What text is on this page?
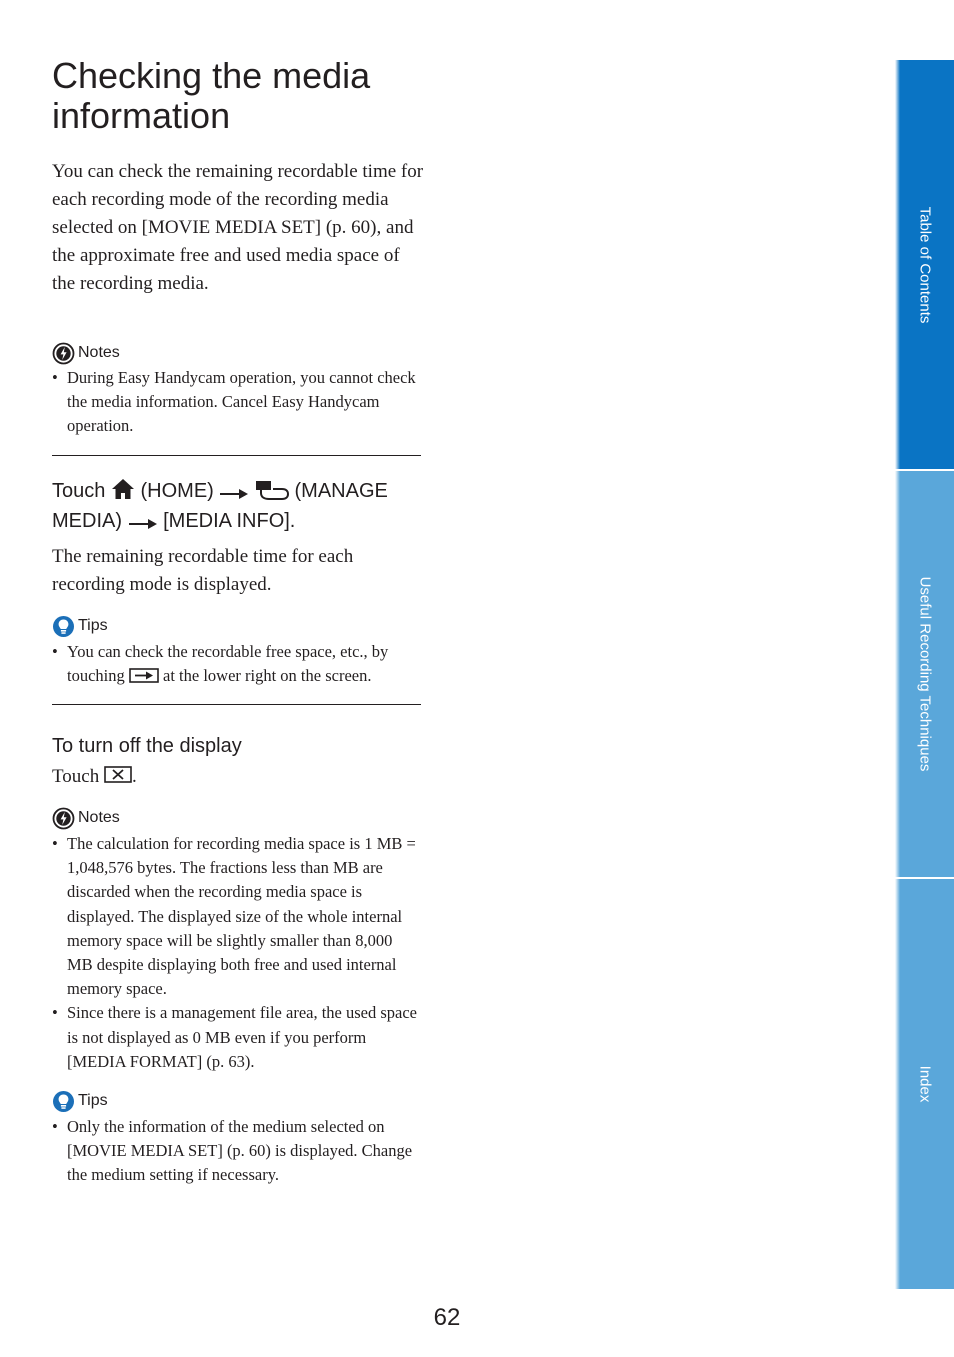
Checking the media information

You can check the remaining recordable time for each recording mode of the recording media selected on [MOVIE MEDIA SET] (p. 60), and the approximate free and used media space of the recording media.

Notes
• During Easy Handycam operation, you cannot check the media information. Cancel Easy Handycam operation.

Touch (HOME)	(MANAGE MEDIA) [MEDIA INFO].

The remaining recordable time for each recording mode is displayed.

Tips
• You can check the recordable free space, etc., by touching at the lower right on the screen.
To turn off the display

Touch .

Notes
• The calculation for recording media space is 1 MB = 1,048,576 bytes. The fractions less than MB are discarded when the recording media space is displayed. The displayed size of the whole internal memory space will be slightly smaller than 8,000 MB despite displaying both free and used internal memory space.
• Since there is a management file area, the used space is not displayed as 0 MB even if you perform [MEDIA FORMAT] (p. 63).
Tips
• Only the information of the medium selected on [MOVIE MEDIA SET] (p. 60) is displayed. Change the medium setting if necessary.
Table of Contents
Useful Recording Techniques
Index
62
